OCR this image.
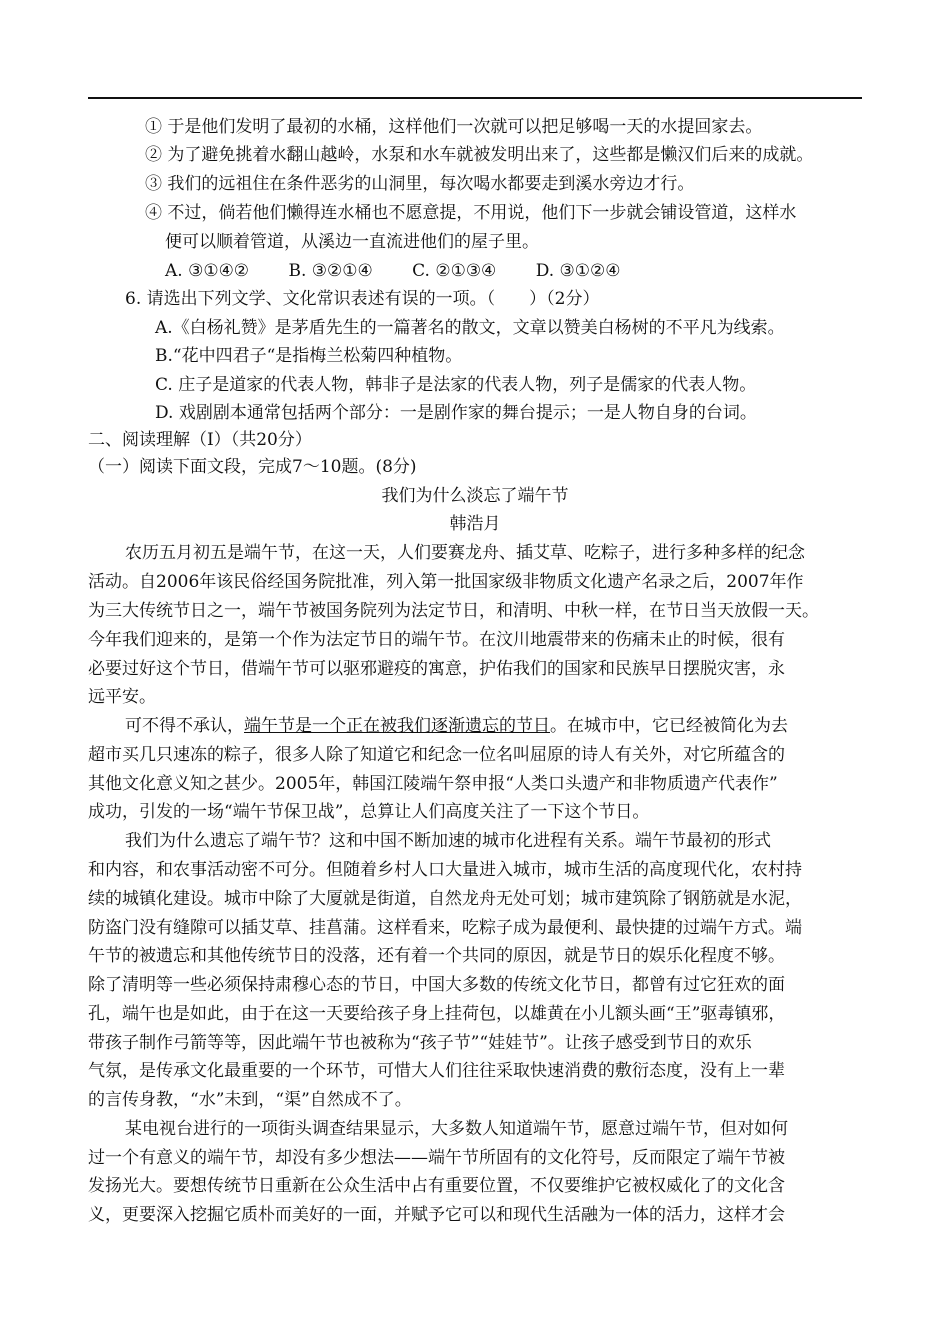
① 于是他们发明了最初的水桶，这样他们一次就可以把足够喝一天的水提回家去。
② 为了避免挑着水翻山越岭，水泵和水车就被发明出来了，这些都是懒汉们后来的成就。
③ 我们的远祖住在条件恶劣的山洞里，每次喝水都要走到溪水旁边才行。
④ 不过，倘若他们懒得连水桶也不愿意提，不用说，他们下一步就会铺设管道，这样水
便可以顺着管道，从溪边一直流进他们的屋子里。
A. ③①④② B. ③②①④ C. ②①③④ D. ③①②④
6. 请选出下列文学、文化常识表述有误的一项。（　　）（2分）
A.《白杨礼赞》是茅盾先生的一篇著名的散文，文章以赞美白杨树的不平凡为线索。
B.“花中四君子“是指梅兰松菊四种植物。
C. 庄子是道家的代表人物，韩非子是法家的代表人物，列子是儒家的代表人物。
D. 戏剧剧本通常包括两个部分：一是剧作家的舞台提示；一是人物自身的台词。
二、阅读理解（Ⅰ）（共20分）
（一）阅读下面文段，完成7～10题。(8分)
我们为什么淡忘了端午节
韩浩月
农历五月初五是端午节，在这一天，人们要赛龙舟、插艾草、吃粽子，进行多种多样的纪念
活动。自2006年该民俗经国务院批准，列入第一批国家级非物质文化遗产名录之后，2007年作
为三大传统节日之一，端午节被国务院列为法定节日，和清明、中秋一样，在节日当天放假一天。
今年我们迎来的，是第一个作为法定节日的端午节。在汶川地震带来的伤痛未止的时候，很有
必要过好这个节日，借端午节可以驱邪避疫的寓意，护佑我们的国家和民族早日摆脱灾害，永
远平安。
可不得不承认，端午节是一个正在被我们逐渐遗忘的节日。在城市中，它已经被简化为去
超市买几只速冻的粽子，很多人除了知道它和纪念一位名叫屈原的诗人有关外，对它所蕴含的
其他文化意义知之甚少。2005年，韩国江陵端午祭申报“人类口头遗产和非物质遗产代表作”
成功，引发的一场“端午节保卫战”，总算让人们高度关注了一下这个节日。
我们为什么遗忘了端午节？这和中国不断加速的城市化进程有关系。端午节最初的形式
和内容，和农事活动密不可分。但随着乡村人口大量进入城市，城市生活的高度现代化，农村持
续的城镇化建设。城市中除了大厦就是街道，自然龙舟无处可划；城市建筑除了钢筋就是水泥，
防盗门没有缝隙可以插艾草、挂菖蒲。这样看来，吃粽子成为最便利、最快捷的过端午方式。端
午节的被遗忘和其他传统节日的没落，还有着一个共同的原因，就是节日的娱乐化程度不够。
除了清明等一些必须保持肃穆心态的节日，中国大多数的传统文化节日，都曾有过它狂欢的面
孔，端午也是如此，由于在这一天要给孩子身上挂荷包，以雄黄在小儿额头画“王”驱毒镇邪，
带孩子制作弓箭等等，因此端午节也被称为“孩子节”“娃娃节”。让孩子感受到节日的欢乐
气氛，是传承文化最重要的一个环节，可惜大人们往往采取快速消费的敷衍态度，没有上一辈
的言传身教，“水”未到，“渠”自然成不了。
某电视台进行的一项街头调查结果显示，大多数人知道端午节，愿意过端午节，但对如何
过一个有意义的端午节，却没有多少想法——端午节所固有的文化符号，反而限定了端午节被
发扬光大。要想传统节日重新在公众生活中占有重要位置，不仅要维护它被权威化了的文化含
义，更要深入挖掘它质朴而美好的一面，并赋予它可以和现代生活融为一体的活力，这样才会
